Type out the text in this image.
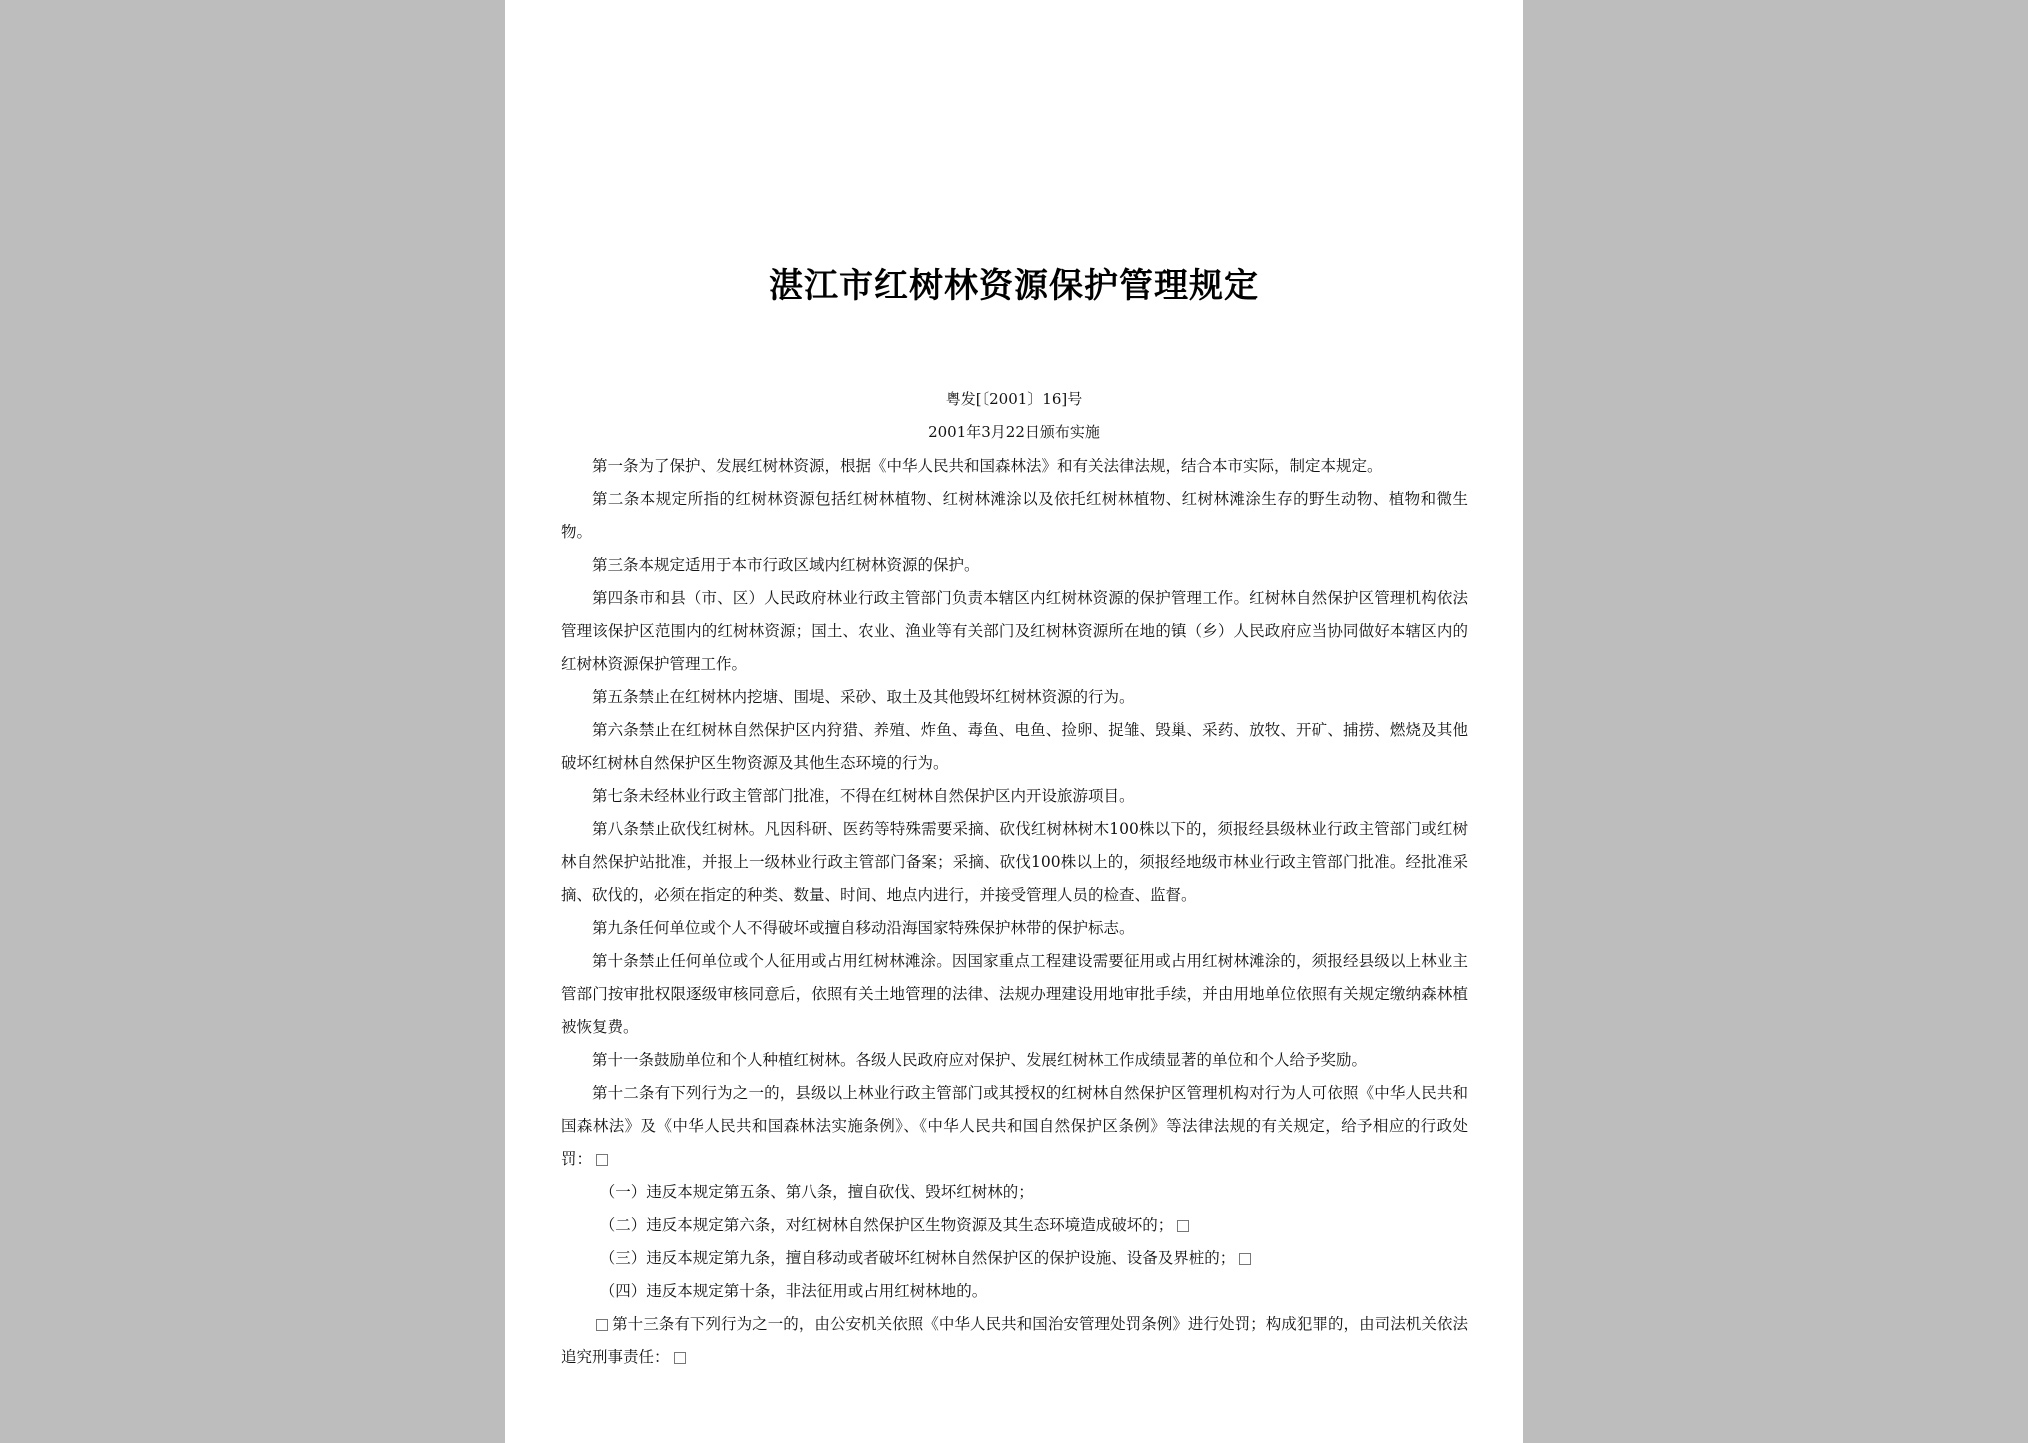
湛江市红树林资源保护管理规定
粤发[〔2001〕16]号
2001年3月22日颁布实施

第一条为了保护、发展红树林资源，根据《中华人民共和国森林法》和有关法律法规，结合本市实际，制定本规定。

第二条本规定所指的红树林资源包括红树林植物、红树林滩涂以及依托红树林植物、红树林滩涂生存的野生动物、植物和微生物。

第三条本规定适用于本市行政区域内红树林资源的保护。

第四条市和县（市、区）人民政府林业行政主管部门负责本辖区内红树林资源的保护管理工作。红树林自然保护区管理机构依法管理该保护区范围内的红树林资源；国土、农业、渔业等有关部门及红树林资源所在地的镇（乡）人民政府应当协同做好本辖区内的红树林资源保护管理工作。

第五条禁止在红树林内挖塘、围堤、采砂、取土及其他毁坏红树林资源的行为。

第六条禁止在红树林自然保护区内狩猎、养殖、炸鱼、毒鱼、电鱼、捡卵、捉雏、毁巢、采药、放牧、开矿、捕捞、燃烧及其他破坏红树林自然保护区生物资源及其他生态环境的行为。

第七条未经林业行政主管部门批准，不得在红树林自然保护区内开设旅游项目。

第八条禁止砍伐红树林。凡因科研、医药等特殊需要采摘、砍伐红树林树木100株以下的，须报经县级林业行政主管部门或红树林自然保护站批准，并报上一级林业行政主管部门备案；采摘、砍伐100株以上的，须报经地级市林业行政主管部门批准。经批准采摘、砍伐的，必须在指定的种类、数量、时间、地点内进行，并接受管理人员的检查、监督。

第九条任何单位或个人不得破坏或擅自移动沿海国家特殊保护林带的保护标志。

第十条禁止任何单位或个人征用或占用红树林滩涂。因国家重点工程建设需要征用或占用红树林滩涂的，须报经县级以上林业主管部门按审批权限逐级审核同意后，依照有关土地管理的法律、法规办理建设用地审批手续，并由用地单位依照有关规定缴纳森林植被恢复费。

第十一条鼓励单位和个人种植红树林。各级人民政府应对保护、发展红树林工作成绩显著的单位和个人给予奖励。

第十二条有下列行为之一的，县级以上林业行政主管部门或其授权的红树林自然保护区管理机构对行为人可依照《中华人民共和国森林法》及《中华人民共和国森林法实施条例》、《中华人民共和国自然保护区条例》等法律法规的有关规定，给予相应的行政处罚：

（一）违反本规定第五条、第八条，擅自砍伐、毁坏红树林的；

（二）违反本规定第六条，对红树林自然保护区生物资源及其生态环境造成破坏的；

（三）违反本规定第九条，擅自移动或者破坏红树林自然保护区的保护设施、设备及界桩的；

（四）违反本规定第十条，非法征用或占用红树林地的。

第十三条有下列行为之一的，由公安机关依照《中华人民共和国治安管理处罚条例》进行处罚；构成犯罪的，由司法机关依法追究刑事责任：
